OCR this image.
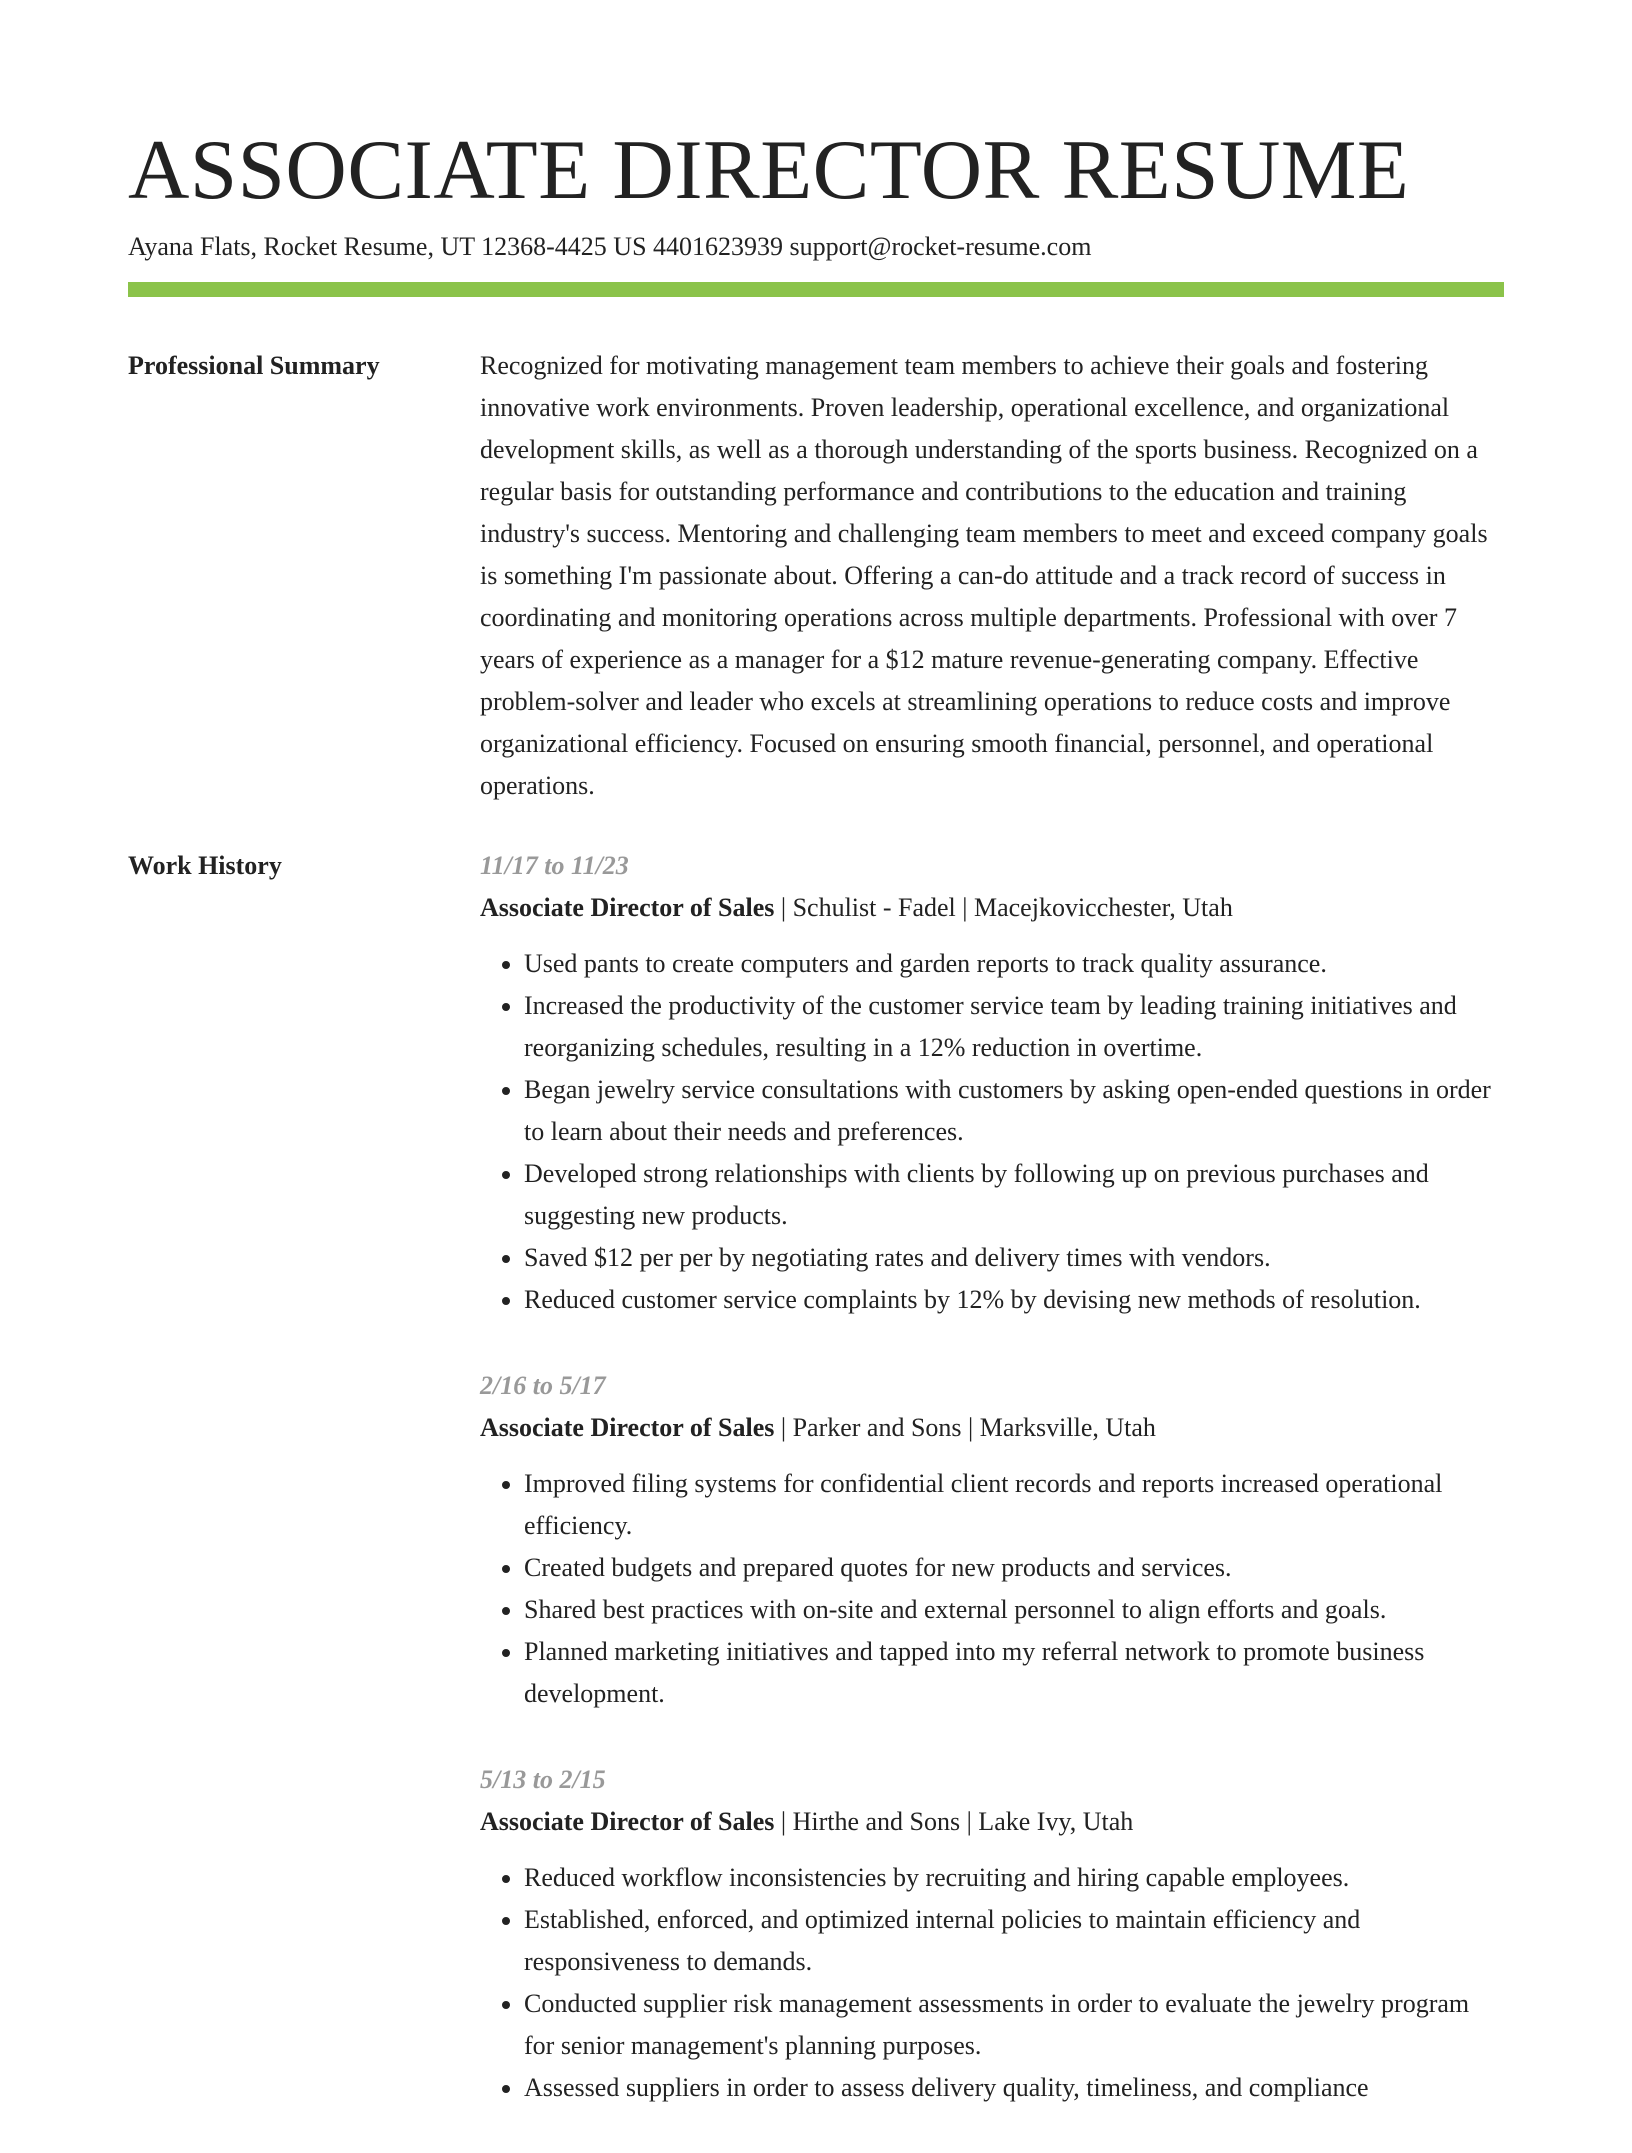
ASSOCIATE DIRECTOR RESUME
Ayana Flats, Rocket Resume, UT 12368-4425 US 4401623939 support@rocket-resume.com
Professional Summary	Recognized for motivating management team members to achieve their goals and fostering innovative work environments. Proven leadership, operational excellence, and organizational development skills, as well as a thorough understanding of the sports business. Recognized on a regular basis for outstanding performance and contributions to the education and training industry's success. Mentoring and challenging team members to meet and exceed company goals is something I'm passionate about. Offering a can-do attitude and a track record of success in coordinating and monitoring operations across multiple departments. Professional with over 7 years of experience as a manager for a $12 mature revenue-generating company. Effective problem-solver and leader who excels at streamlining operations to reduce costs and improve organizational efficiency. Focused on ensuring smooth financial, personnel, and operational operations.

Work History	11/17 to 11/23
Associate Director of Sales | Schulist - Fadel | Macejkovicchester, Utah
• Used pants to create computers and garden reports to track quality assurance.
• Increased the productivity of the customer service team by leading training initiatives and reorganizing schedules, resulting in a 12% reduction in overtime.
• Began jewelry service consultations with customers by asking open-ended questions in order to learn about their needs and preferences.
• Developed strong relationships with clients by following up on previous purchases and suggesting new products.
• Saved $12 per per by negotiating rates and delivery times with vendors.
• Reduced customer service complaints by 12% by devising new methods of resolution.
2/16 to 5/17
Associate Director of Sales | Parker and Sons | Marksville, Utah
• Improved filing systems for confidential client records and reports increased operational efficiency.
• Created budgets and prepared quotes for new products and services.
• Shared best practices with on-site and external personnel to align efforts and goals.
• Planned marketing initiatives and tapped into my referral network to promote business development.
5/13 to 2/15
Associate Director of Sales | Hirthe and Sons | Lake Ivy, Utah
• Reduced workflow inconsistencies by recruiting and hiring capable employees.
• Established, enforced, and optimized internal policies to maintain efficiency and responsiveness to demands.
• Conducted supplier risk management assessments in order to evaluate the jewelry program for senior management's planning purposes.
• Assessed suppliers in order to assess delivery quality, timeliness, and compliance
